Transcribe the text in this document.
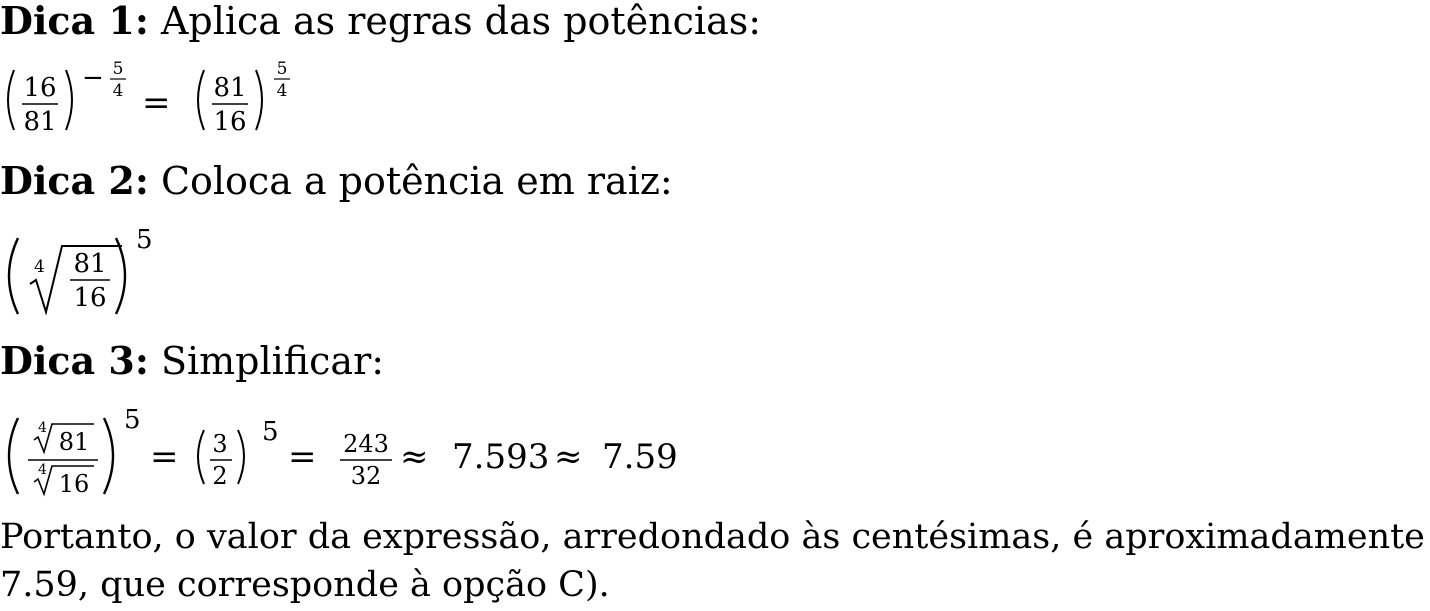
Dica 1: Aplica as regras das potências:
16
81
− 5
4 = 81
16
5
4
Dica 2: Coloca a potência em raiz:
4 81
16
5
Dica 3: Simplificar:
4 81
4 16
5
= 3
2
5
= 243
32 ≈ 7.593 ≈ 7.59
Portanto, o valor da expressão, arredondado às centésimas, é aproximadamente
7.59, que corresponde à opção C).
